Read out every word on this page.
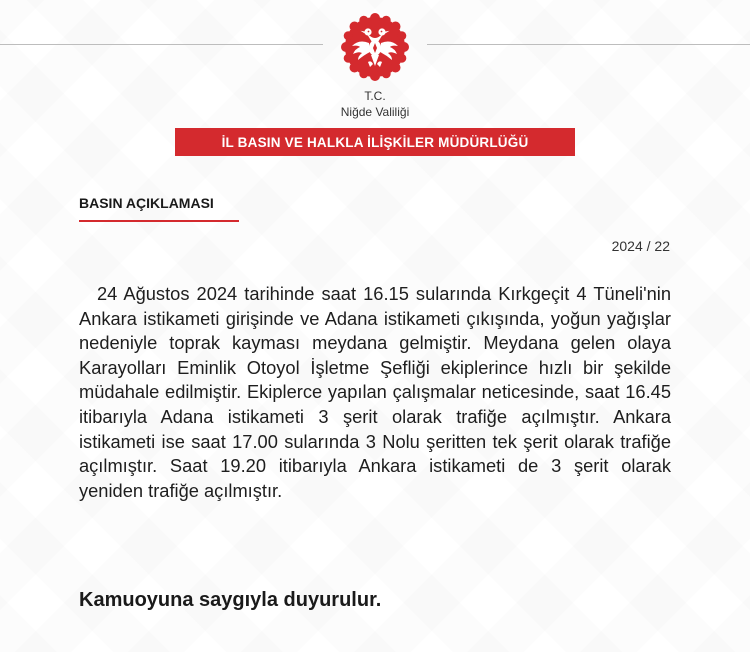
T.C.
Niğde Valiliği
İL BASIN VE HALKLA İLİŞKİLER MÜDÜRLÜĞÜ
BASIN AÇIKLAMASI
2024 / 22

24 Ağustos 2024 tarihinde saat 16.15 sularında Kırkgeçit 4 Tüneli'nin Ankara istikameti girişinde ve Adana istikameti çıkışında, yoğun yağışlar nedeniyle toprak kayması meydana gelmiştir. Meydana gelen olaya Karayolları Eminlik Otoyol İşletme Şefliği ekiplerince hızlı bir şekilde müdahale edilmiştir. Ekiplerce yapılan çalışmalar neticesinde, saat 16.45 itibarıyla Adana istikameti 3 şerit olarak trafiğe açılmıştır. Ankara istikameti ise saat 17.00 sularında 3 Nolu şeritten tek şerit olarak trafiğe açılmıştır. Saat 19.20 itibarıyla Ankara istikameti de 3 şerit olarak yeniden trafiğe açılmıştır.

Kamuoyuna saygıyla duyurulur.
